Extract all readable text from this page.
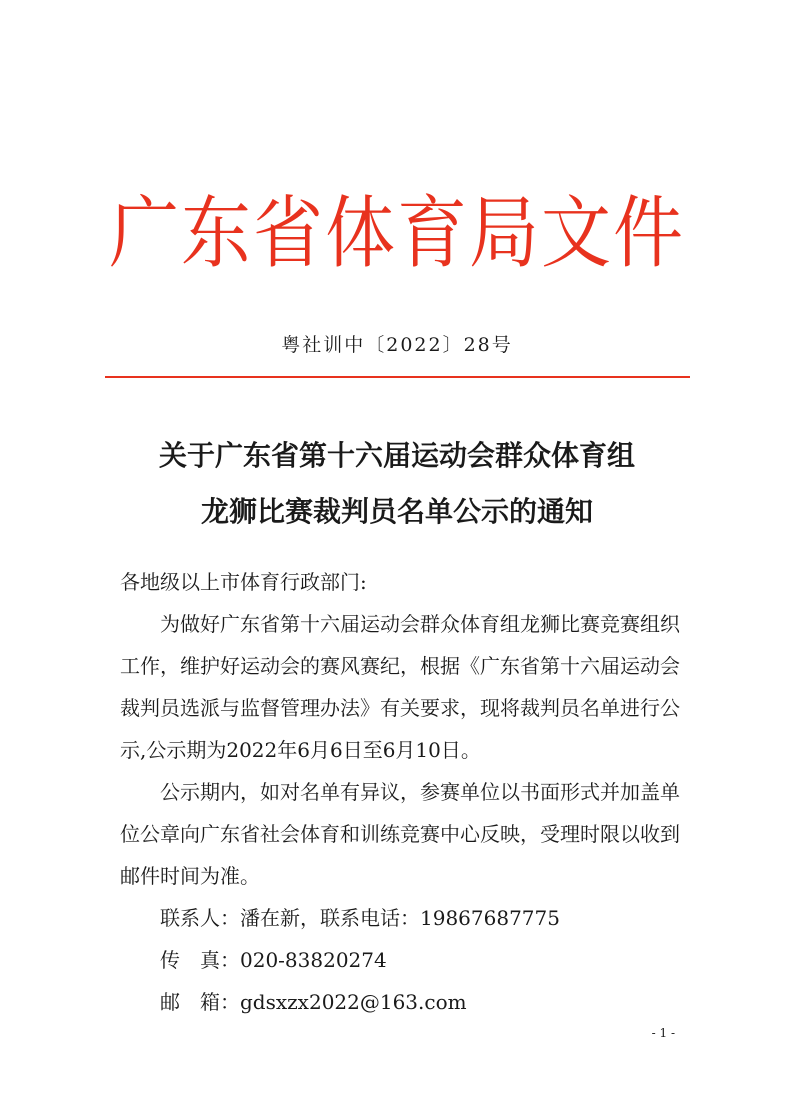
广东省体育局文件
粤社训中〔2022〕28号
关于广东省第十六届运动会群众体育组
龙狮比赛裁判员名单公示的通知

各地级以上市体育行政部门:

为做好广东省第十六届运动会群众体育组龙狮比赛竞赛组织工作，维护好运动会的赛风赛纪，根据《广东省第十六届运动会裁判员选派与监督管理办法》有关要求，现将裁判员名单进行公示,公示期为2022年6月6日至6月10日。

公示期内，如对名单有异议，参赛单位以书面形式并加盖单位公章向广东省社会体育和训练竞赛中心反映，受理时限以收到邮件时间为准。

联系人：潘在新，联系电话：19867687775

传　真：020-83820274

邮　箱：gdsxzx2022@163.com

- 1 -
